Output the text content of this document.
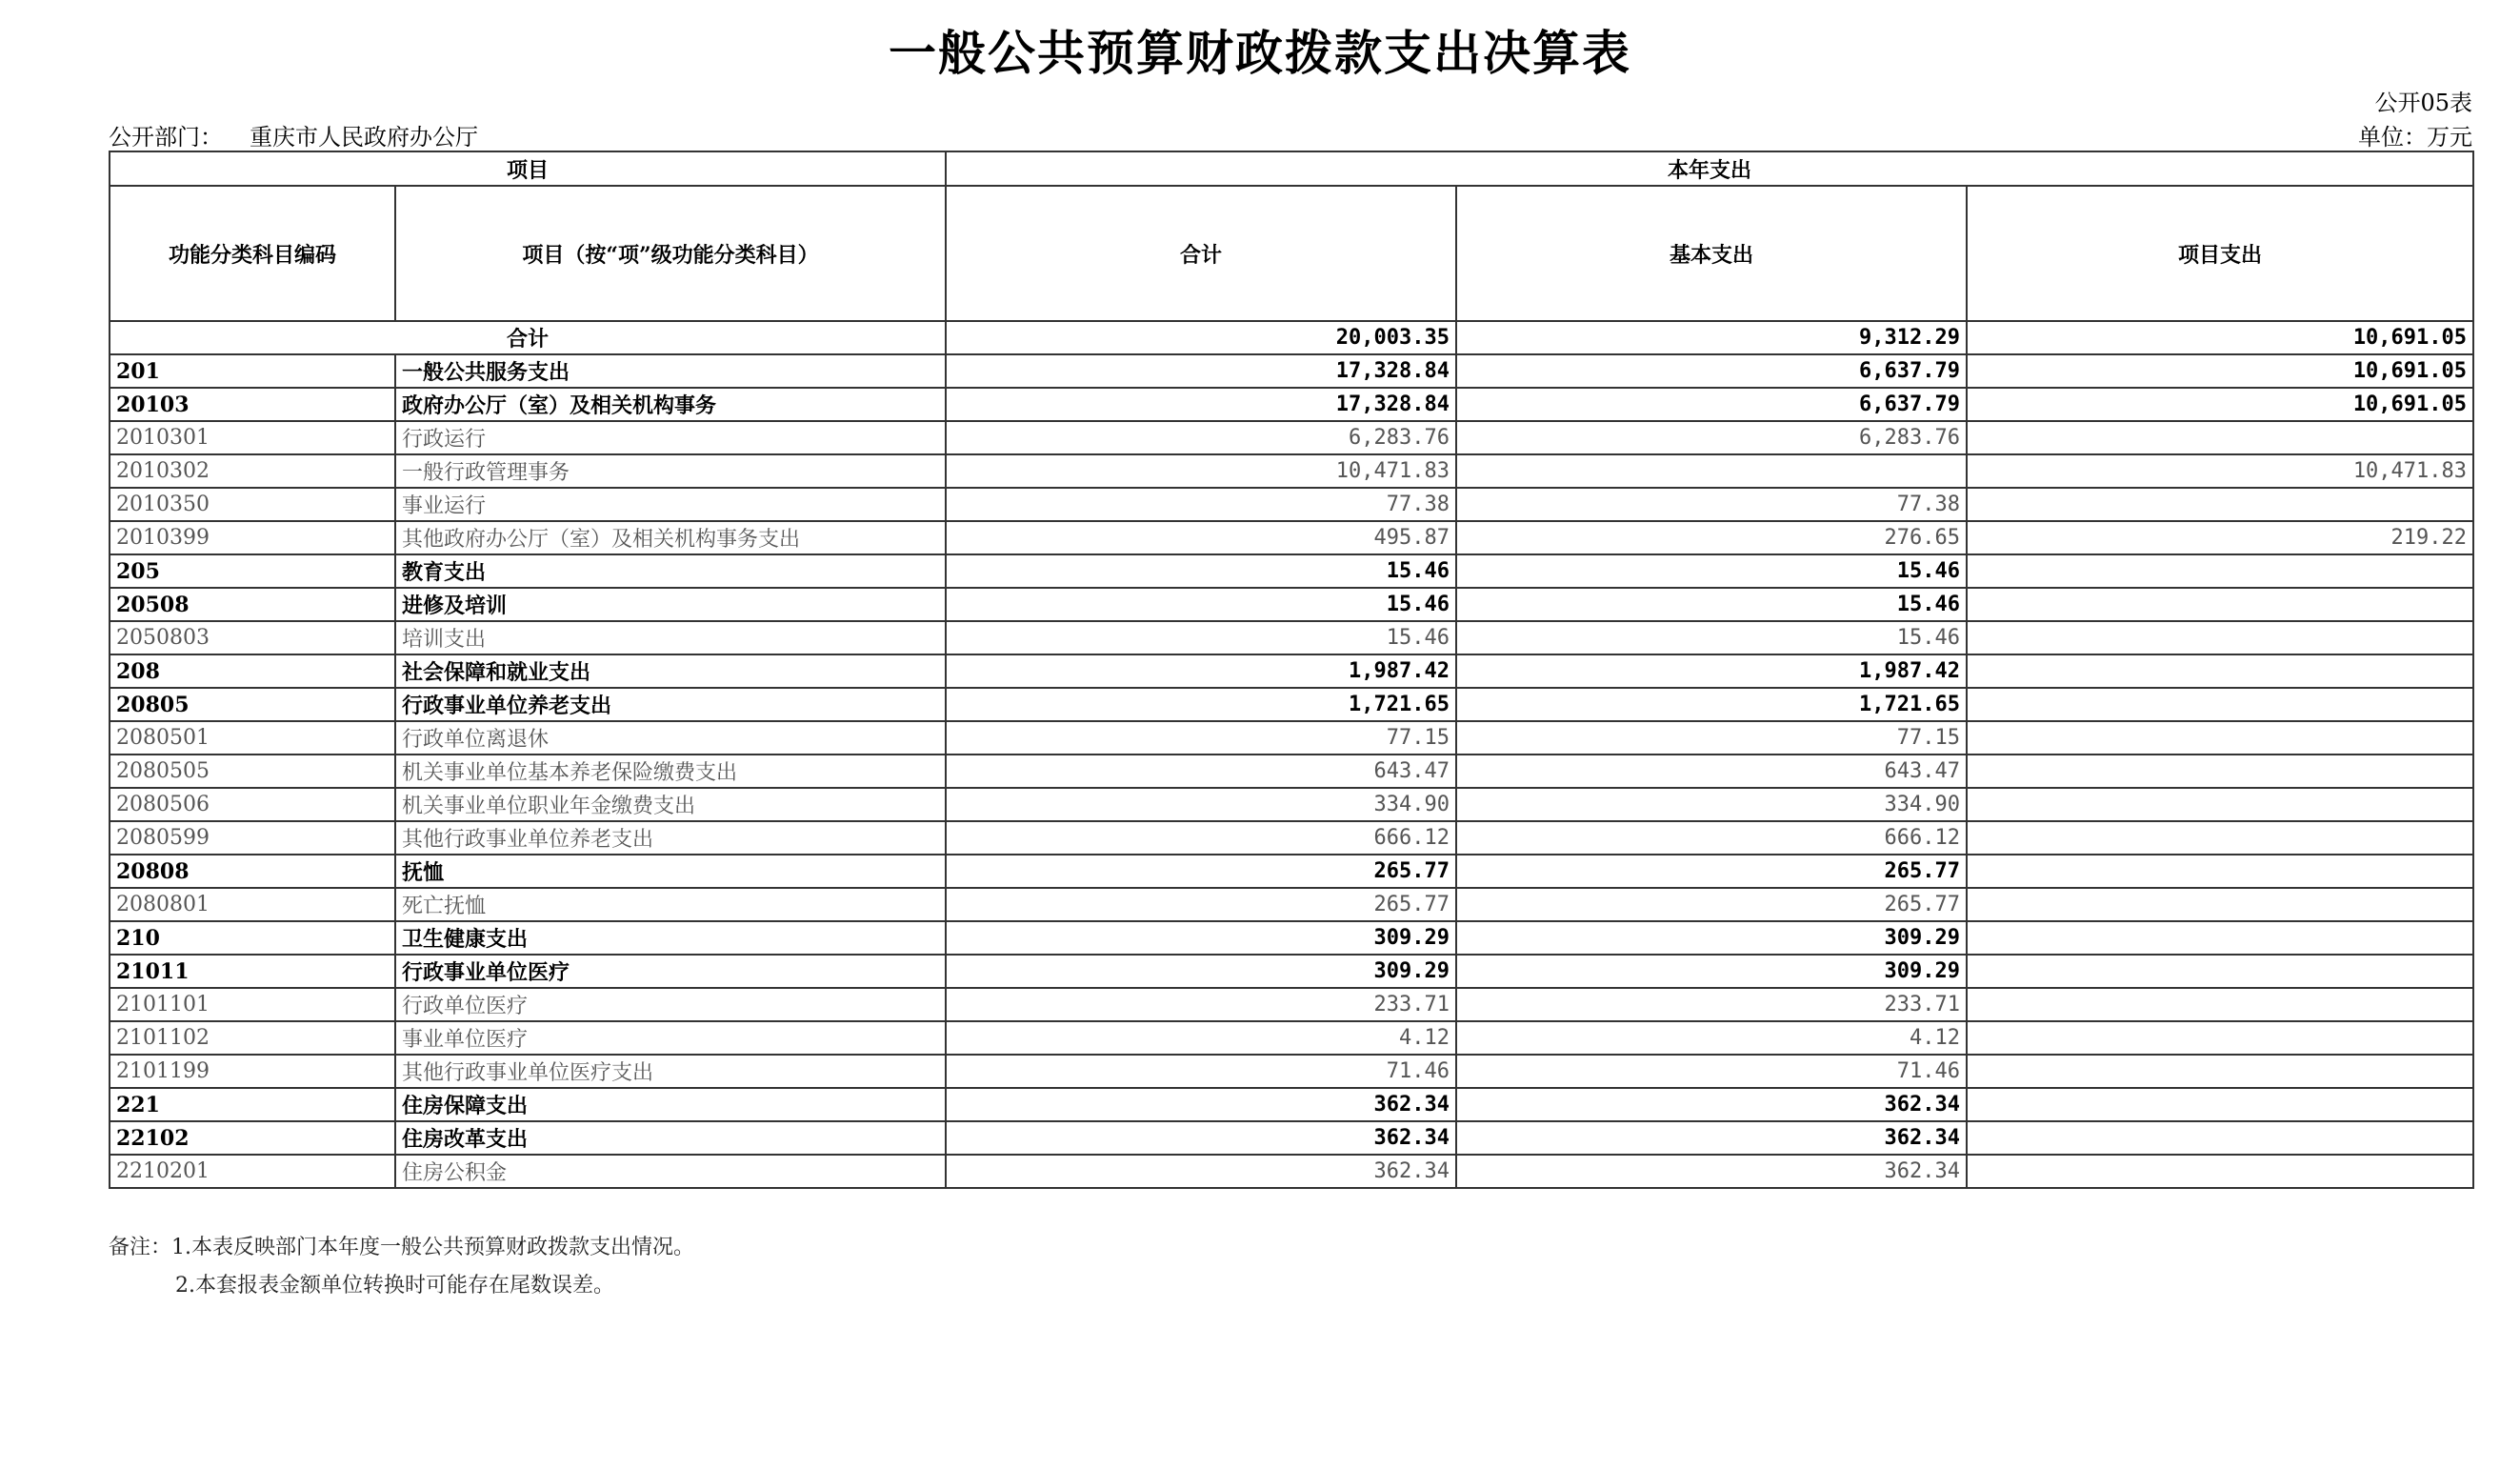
一般公共预算财政拨款支出决算表
公开05表
公开部门： 重庆市人民政府办公厅	单位：万元
项目		本年支出		
功能分类科目编码	项目（按“项”级功能分类科目）	合计	基本支出	项目支出
合计		20,003.35	9,312.29	10,691.05
201	一般公共服务支出	17,328.84	6,637.79	10,691.05
20103	政府办公厅（室）及相关机构事务	17,328.84	6,637.79	10,691.05
2010301	行政运行	6,283.76	6,283.76	
2010302	一般行政管理事务	10,471.83		10,471.83
2010350	事业运行	77.38	77.38	
2010399	其他政府办公厅（室）及相关机构事务支出	495.87	276.65	219.22
205	教育支出	15.46	15.46	
20508	进修及培训	15.46	15.46	
2050803	培训支出	15.46	15.46	
208	社会保障和就业支出	1,987.42	1,987.42	
20805	行政事业单位养老支出	1,721.65	1,721.65	
2080501	行政单位离退休	77.15	77.15	
2080505	机关事业单位基本养老保险缴费支出	643.47	643.47	
2080506	机关事业单位职业年金缴费支出	334.90	334.90	
2080599	其他行政事业单位养老支出	666.12	666.12	
20808	抚恤	265.77	265.77	
2080801	死亡抚恤	265.77	265.77	
210	卫生健康支出	309.29	309.29	
21011	行政事业单位医疗	309.29	309.29	
2101101	行政单位医疗	233.71	233.71	
2101102	事业单位医疗	4.12	4.12	
2101199	其他行政事业单位医疗支出	71.46	71.46	
221	住房保障支出	362.34	362.34	
22102	住房改革支出	362.34	362.34	
2210201	住房公积金	362.34	362.34	
备注：1.本表反映部门本年度一般公共预算财政拨款支出情况。
2.本套报表金额单位转换时可能存在尾数误差。
